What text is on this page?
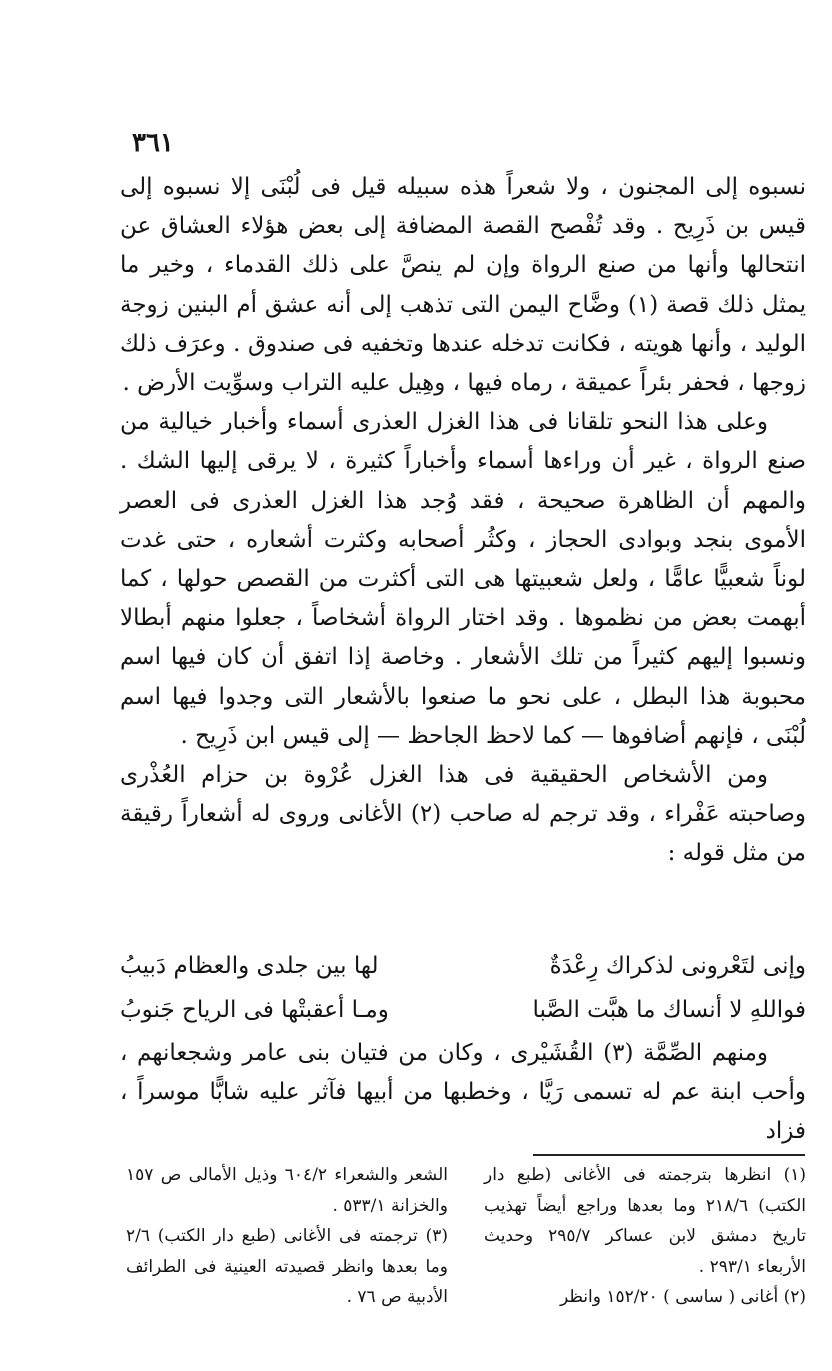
٣٦١

نسبوه إلى المجنون ، ولا شعراً هذه سبيله قيل فى لُبْنَى إلا نسبوه إلى قيس بن ذَرِيح . وقد تُفْصح القصة المضافة إلى بعض هؤلاء العشاق عن انتحالها وأنها من صنع الرواة وإن لم ينصَّ على ذلك القدماء ، وخير ما يمثل ذلك قصة (١) وضَّاح اليمن التى تذهب إلى أنه عشق أم البنين زوجة الوليد ، وأنها هويته ، فكانت تدخله عندها وتخفيه فى صندوق . وعرَف ذلك زوجها ، فحفر بئراً عميقة ، رماه فيها ، وهِيل عليه التراب وسوِّيت الأرض .

وعلى هذا النحو تلقانا فى هذا الغزل العذرى أسماء وأخبار خيالية من صنع الرواة ، غير أن وراءها أسماء وأخباراً كثيرة ، لا يرقى إليها الشك . والمهم أن الظاهرة صحيحة ، فقد وُجد هذا الغزل العذرى فى العصر الأموى بنجد وبوادى الحجاز ، وكثُر أصحابه وكثرت أشعاره ، حتى غدت لوناً شعبيًّا عامًّا ، ولعل شعبيتها هى التى أكثرت من القصص حولها ، كما أبهمت بعض من نظموها . وقد اختار الرواة أشخاصاً ، جعلوا منهم أبطالا ونسبوا إليهم كثيراً من تلك الأشعار . وخاصة إذا اتفق أن كان فيها اسم محبوبة هذا البطل ، على نحو ما صنعوا بالأشعار التى وجدوا فيها اسم لُبْنَى ، فإنهم أضافوها — كما لاحظ الجاحظ — إلى قيس ابن ذَرِيح .

ومن الأشخاص الحقيقية فى هذا الغزل عُرْوة بن حزام العُذْرى وصاحبته عَفْراء ، وقد ترجم له صاحب (٢) الأغانى وروى له أشعاراً رقيقة من مثل قوله :

وإنى لتَعْرونى لذكراك رِعْدَةٌ
لها بين جلدى والعظام دَبيبُ
فواللهِ لا أنساك ما هبَّت الصَّبا
ومـا أعقبتْها فى الرياح جَنوبُ

ومنهم الصِّمَّة (٣) القُشَيْرى ، وكان من فتيان بنى عامر وشجعانهم ، وأحب ابنة عم له تسمى رَيَّا ، وخطبها من أبيها فآثر عليه شابًّا موسراً ، فزاد

(١) انظرها بترجمته فى الأغانى (طبع دار الكتب) ٢١٨/٦ وما بعدها وراجع أيضاً تهذيب تاريخ دمشق لابن عساكر ٢٩٥/٧ وحديث الأربعاء ٢٩٣/١ .

(٢) أغانى ( ساسى ) ١٥٢/٢٠ وانظر

الشعر والشعراء ٦٠٤/٢ وذيل الأمالى ص ١٥٧ والخزانة ٥٣٣/١ .

(٣) ترجمته فى الأغانى (طبع دار الكتب) ٢/٦ وما بعدها وانظر قصيدته العينية فى الطرائف الأدبية ص ٧٦ .
